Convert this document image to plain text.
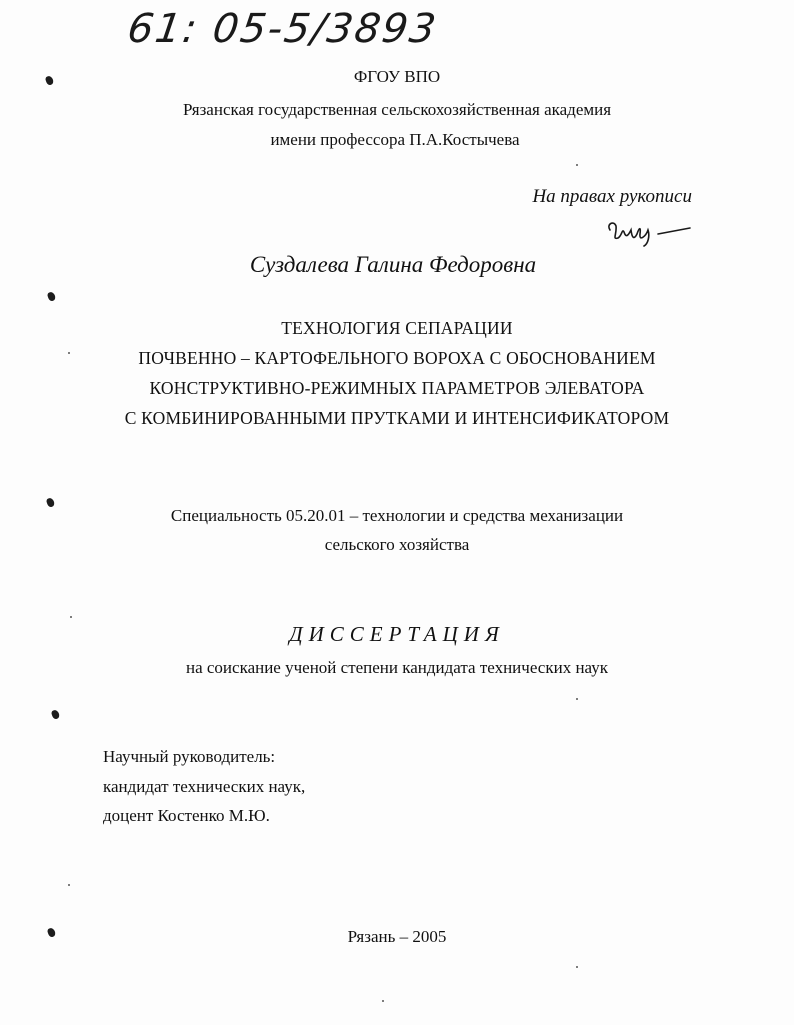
61: 05-5/3893
ФГОУ ВПО
Рязанская государственная сельскохозяйственная академия
имени профессора П.А.Костычева
На правах рукописи
Суздалева Галина Федоровна
ТЕХНОЛОГИЯ СЕПАРАЦИИ
ПОЧВЕННО – КАРТОФЕЛЬНОГО ВОРОХА С ОБОСНОВАНИЕМ
КОНСТРУКТИВНО-РЕЖИМНЫХ ПАРАМЕТРОВ ЭЛЕВАТОРА
С КОМБИНИРОВАННЫМИ ПРУТКАМИ И ИНТЕНСИФИКАТОРОМ
Специальность 05.20.01 – технологии и средства механизации
сельского хозяйства
ДИССЕРТАЦИЯ
на соискание ученой степени кандидата технических наук
Научный руководитель:
кандидат технических наук,
доцент Костенко М.Ю.
Рязань – 2005
